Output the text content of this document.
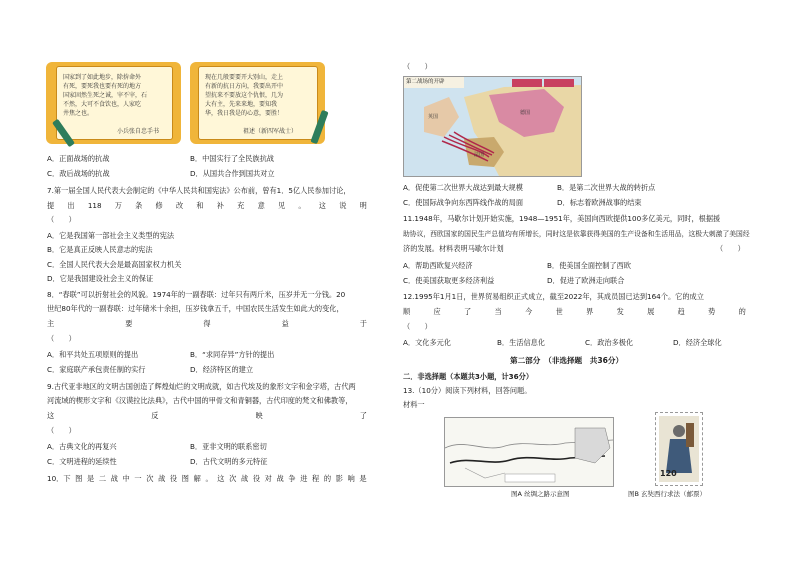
国家到了如此地步，除拚命外
有死，要死我也要有死的地方
国家固然生死之诚，宰不宰，石
不然，大可不食饮也，人家吃
井焦之也。
小兵张自忠手书
现在几般要要开大别山，走上
有新的抗日方向，我要出开中
望抗来不要放这个仇恨，几为
大有主，先来来地，要知我
华，我日我是的心意，要胜！
祖述（新四军战士）
A．正面战场的抗战	B．中国实行了全民族抗战
C．敌后战场的抗战	D．从国共合作到国共对立
7.第一届全国人民代表大会制定的《中华人民共和国宪法》公布前，曾有1．5亿人民参加讨论，
提 出 118 万 条 修 改 和 补 充 意 见 。 这 说 明
（　　）
A．它是我国第一部社会主义类型的宪法
B．它是真正反映人民意志的宪法
C．全国人民代表大会是最高国家权力机关
D．它是我国建设社会主义的保证
8．“春联”可以折射社会的风貌。1974年的一副春联：过年只有两斤米，压岁并无一分钱。20
世纪80年代的一副春联：过年储米十余担，压岁钱拿五千，中国农民生活发生如此大的变化，
主	要	得	益	于
（　　）
A．和平共处五项原则的提出	B．“求同存异”方针的提出
C．家庭联产承包责任制的实行	D．经济特区的建立
9.古代亚非地区的文明古国创造了辉煌灿烂的文明成就，如古代埃及的象形文字和金字塔，古代两
河流域的楔形文字和《汉谟拉比法典》，古代中国的甲骨文和青铜器，古代印度的梵文和佛教等，
这	反	映	了
（　　）
A．古典文化的再复兴	B．亚非文明的联系密切
C．文明进程的延续性	D．古代文明的多元特征
10．下 图 是 二 战 中 一 次 战 役 图 解 。 这 次 战 役 对 战 争 进 程 的 影 响 是
（　　）
第二战场的开辟
英国
法国
德国
A．促使第二次世界大战达到最大规模	B．是第二次世界大战的转折点
C．使国际战争向东西阵线作战的局面	D．标志着欧洲战事的结束
11.1948年，马歇尔计划开始实施，1948—1951年，美国向西欧提供100多亿美元，同时，根据援
助协议，西欧国家的国民生产总值均有所增长，同时这是依靠获得美国的生产设备和生活用品，这极大刺激了美国经
济的发展。材料表明马歇尔计划	（　　）
A．帮助西欧复兴经济	B．使美国全面控制了西欧
C．使美国获取更多经济利益	D．促进了欧洲走向联合
12.1995年1月1日，世界贸易组织正式成立，截至2022年，其成员国已达到164个。它的成立
顺	应	了	当	今	世	界	发	展	趋	势	的
（　　）
A．文化多元化	B．生活信息化	C．政治多极化	D．经济全球化
第二部分　（非选择题　共36分）
二．非选择题（本题共3小题，计36分）
13.（10分）阅读下列材料，回答问题。
材料一
图A 丝绸之路示意图
120
图B 玄奘西行求法（邮票）
